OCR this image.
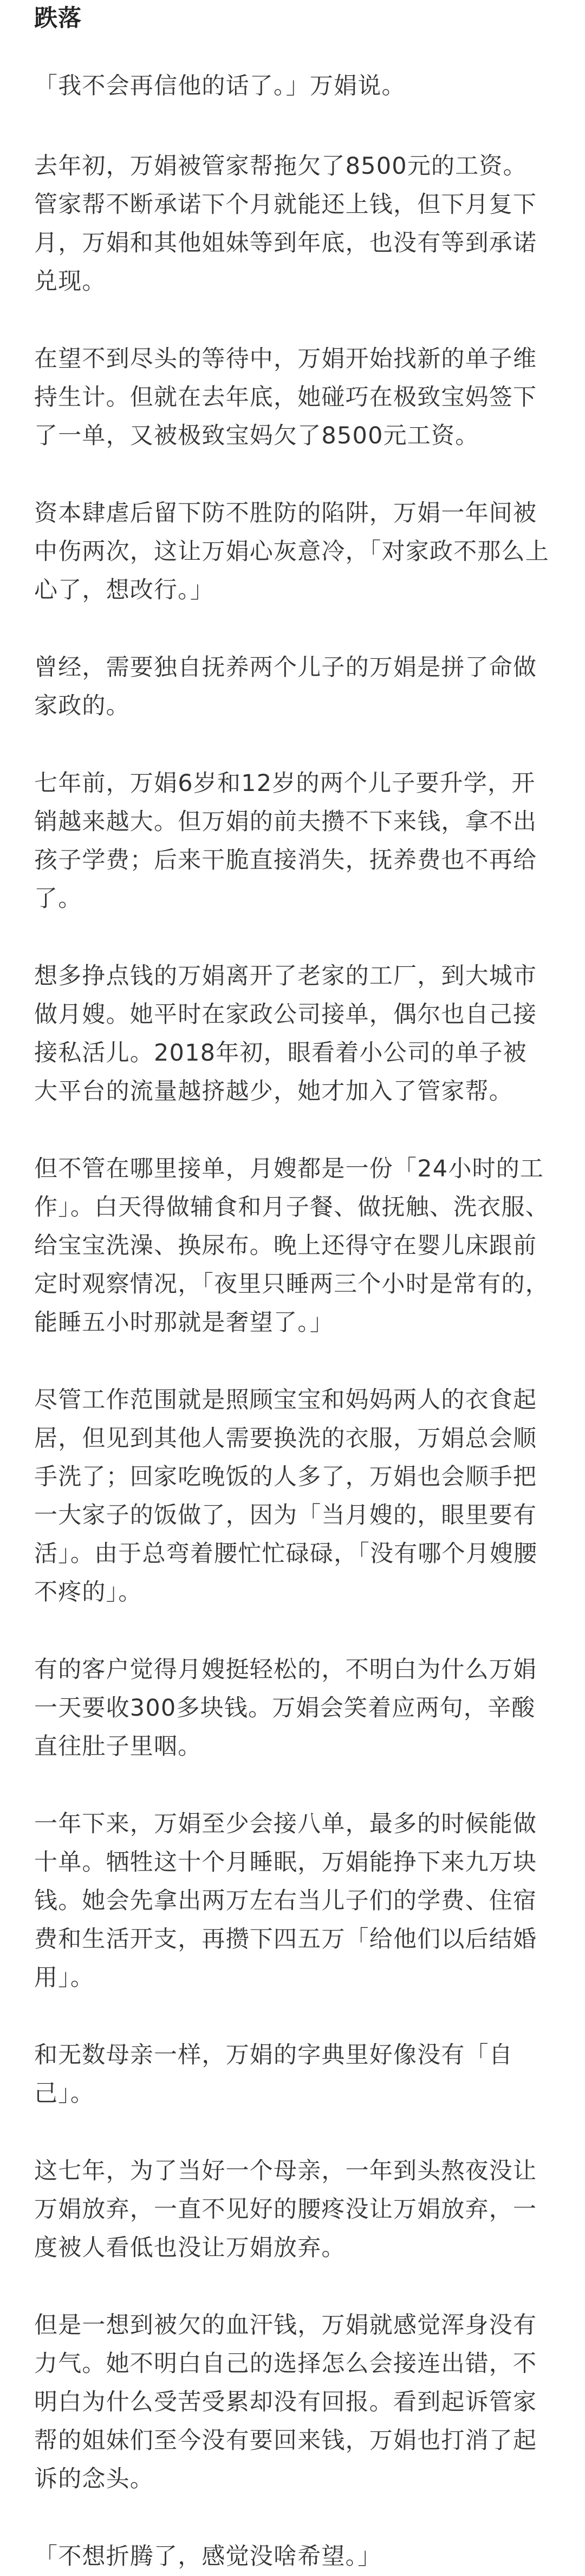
跌落

「我不会再信他的话了。」万娟说。

去年初，万娟被管家帮拖欠了8500元的工资。管家帮不断承诺下个月就能还上钱，但下月复下月，万娟和其他姐妹等到年底，也没有等到承诺兑现。

在望不到尽头的等待中，万娟开始找新的单子维持生计。但就在去年底，她碰巧在极致宝妈签下了一单，又被极致宝妈欠了8500元工资。

资本肆虐后留下防不胜防的陷阱，万娟一年间被中伤两次，这让万娟心灰意冷，「对家政不那么上心了，想改行。」

曾经，需要独自抚养两个儿子的万娟是拼了命做家政的。

七年前，万娟6岁和12岁的两个儿子要升学，开销越来越大。但万娟的前夫攒不下来钱，拿不出孩子学费；后来干脆直接消失，抚养费也不再给了。

想多挣点钱的万娟离开了老家的工厂，到大城市做月嫂。她平时在家政公司接单，偶尔也自己接接私活儿。2018年初，眼看着小公司的单子被大平台的流量越挤越少，她才加入了管家帮。

但不管在哪里接单，月嫂都是一份「24小时的工作」。白天得做辅食和月子餐、做抚触、洗衣服、给宝宝洗澡、换尿布。晚上还得守在婴儿床跟前定时观察情况，「夜里只睡两三个小时是常有的，能睡五小时那就是奢望了。」

尽管工作范围就是照顾宝宝和妈妈两人的衣食起居，但见到其他人需要换洗的衣服，万娟总会顺手洗了；回家吃晚饭的人多了，万娟也会顺手把一大家子的饭做了，因为「当月嫂的，眼里要有活」。由于总弯着腰忙忙碌碌，「没有哪个月嫂腰不疼的」。

有的客户觉得月嫂挺轻松的，不明白为什么万娟一天要收300多块钱。万娟会笑着应两句，辛酸直往肚子里咽。

一年下来，万娟至少会接八单，最多的时候能做十单。牺牲这十个月睡眠，万娟能挣下来九万块钱。她会先拿出两万左右当儿子们的学费、住宿费和生活开支，再攒下四五万「给他们以后结婚用」。

和无数母亲一样，万娟的字典里好像没有「自己」。

这七年，为了当好一个母亲，一年到头熬夜没让万娟放弃，一直不见好的腰疼没让万娟放弃，一度被人看低也没让万娟放弃。

但是一想到被欠的血汗钱，万娟就感觉浑身没有力气。她不明白自己的选择怎么会接连出错，不明白为什么受苦受累却没有回报。看到起诉管家帮的姐妹们至今没有要回来钱，万娟也打消了起诉的念头。

「不想折腾了，感觉没啥希望。」
